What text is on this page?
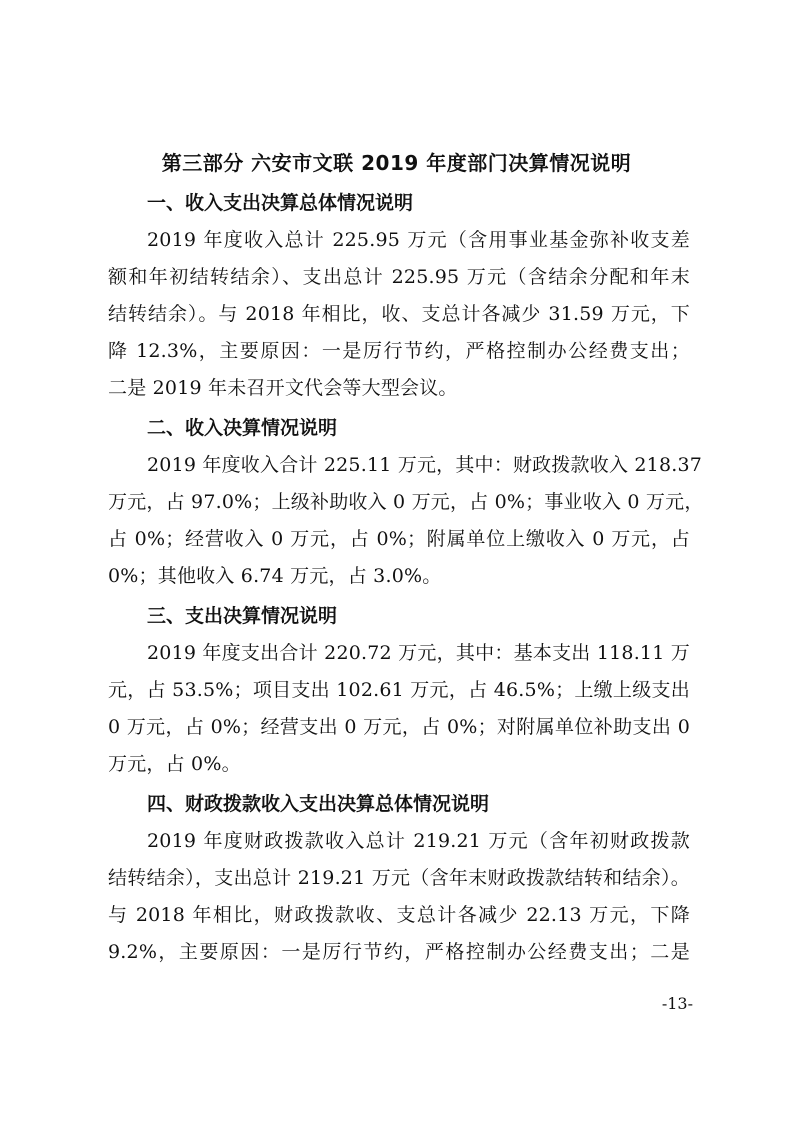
第三部分 六安市文联 2019 年度部门决算情况说明
一、收入支出决算总体情况说明
2019 年度收入总计 225.95 万元（含用事业基金弥补收支差
额和年初结转结余）、支出总计 225.95 万元（含结余分配和年末
结转结余）。与 2018 年相比，收、支总计各减少 31.59 万元，下
降 12.3%，主要原因：一是厉行节约，严格控制办公经费支出；
二是 2019 年未召开文代会等大型会议。
二、收入决算情况说明
2019 年度收入合计 225.11 万元，其中：财政拨款收入 218.37
万元，占 97.0%；上级补助收入 0 万元，占 0%；事业收入 0 万元，
占 0%；经营收入 0 万元，占 0%；附属单位上缴收入 0 万元，占
0%；其他收入 6.74 万元，占 3.0%。
三、支出决算情况说明
2019 年度支出合计 220.72 万元，其中：基本支出 118.11 万
元，占 53.5%；项目支出 102.61 万元，占 46.5%；上缴上级支出
0 万元，占 0%；经营支出 0 万元，占 0%；对附属单位补助支出 0
万元，占 0%。
四、财政拨款收入支出决算总体情况说明
2019 年度财政拨款收入总计 219.21 万元（含年初财政拨款
结转结余），支出总计 219.21 万元（含年末财政拨款结转和结余）。
与 2018 年相比，财政拨款收、支总计各减少 22.13 万元，下降
9.2%，主要原因：一是厉行节约，严格控制办公经费支出；二是
-13-
